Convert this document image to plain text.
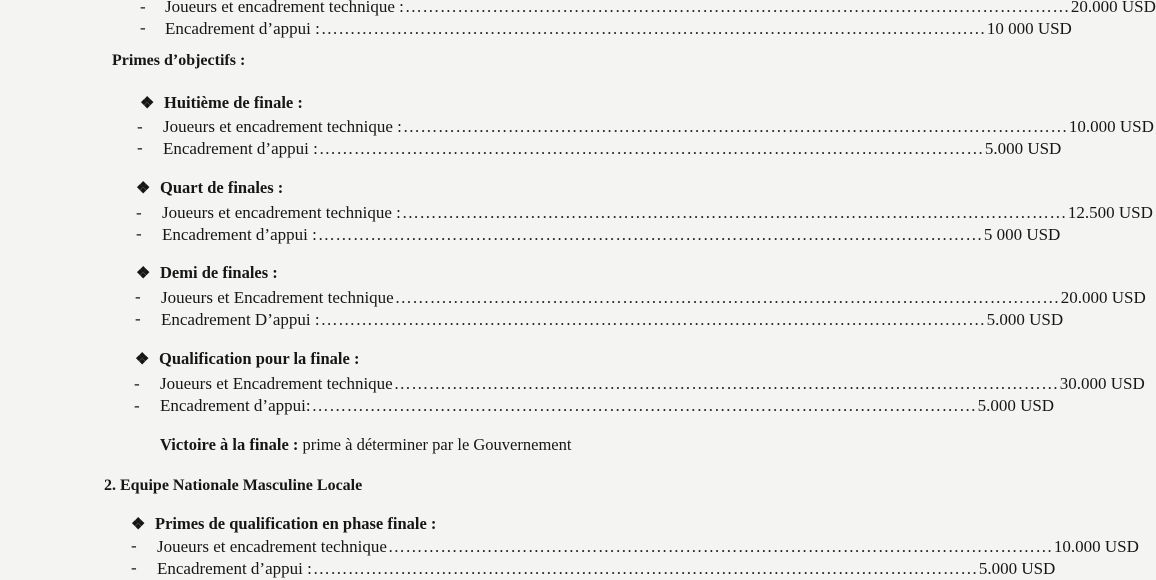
- Joueurs et encadrement technique : …………………………………………………………………………………………………… 20.000 USD
- Encadrement d’appui : …………………………………………………………………………………………………… 10 000 USD
Primes d’objectifs :
❖ Huitième de finale :
- Joueurs et encadrement technique : …………………………………………………………………………………………………… 10.000 USD
- Encadrement d’appui : …………………………………………………………………………………………………… 5.000 USD
❖ Quart de finales :
- Joueurs et encadrement technique : …………………………………………………………………………………………………… 12.500 USD
- Encadrement d’appui : …………………………………………………………………………………………………… 5 000 USD
❖ Demi de finales :
- Joueurs et Encadrement technique …………………………………………………………………………………………………… 20.000 USD
- Encadrement D’appui : …………………………………………………………………………………………………… 5.000 USD
❖ Qualification pour la finale :
- Joueurs et Encadrement technique …………………………………………………………………………………………………… 30.000 USD
- Encadrement d’appui: …………………………………………………………………………………………………… 5.000 USD
Victoire à la finale : prime à déterminer par le Gouvernement
2. Equipe Nationale Masculine Locale
❖ Primes de qualification en phase finale :
- Joueurs et encadrement technique …………………………………………………………………………………………………… 10.000 USD
- Encadrement d’appui : …………………………………………………………………………………………………… 5.000 USD
